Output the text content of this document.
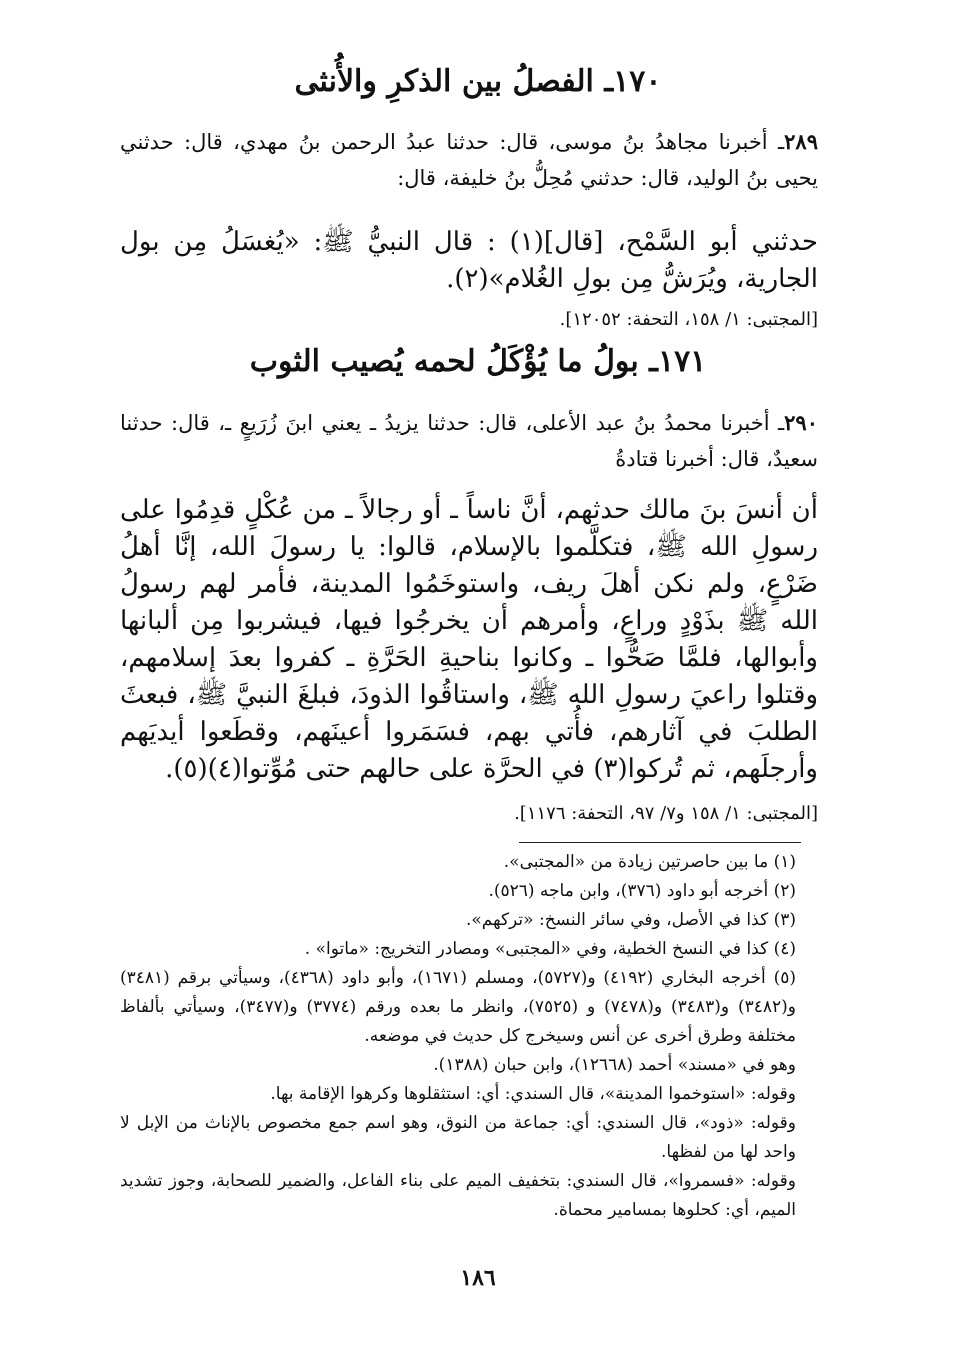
١٧٠ـ الفصلُ بين الذكرِ والأُنثى
٢٨٩ـ أخبرنا مجاهدُ بنُ موسى، قال: حدثنا عبدُ الرحمن بنُ مهدي، قال: حدثني يحيى بنُ الوليد، قال: حدثني مُحِلُّ بنُ خليفة، قال:
حدثني أبو السَّمْح، [قال](١) : قال النبيُّ ﷺ: «يُغسَلُ مِن بول الجارية، ويُرَشُّ مِن بولِ الغُلام»(٢).
[المجتبى: ١/ ١٥٨، التحفة: ١٢٠٥٢].
١٧١ـ بولُ ما يُؤْكَلُ لحمه يُصيب الثوب
٢٩٠ـ أخبرنا محمدُ بنُ عبد الأعلى، قال: حدثنا يزيدُ ـ يعني ابنَ زُرَيعٍ ـ، قال: حدثنا سعيدٌ، قال: أخبرنا قتادةُ
أن أنسَ بنَ مالك حدثهم، أنَّ ناساً ـ أو رجالاً ـ من عُكْلٍ قدِمُوا على رسولِ الله ﷺ، فتكلَّموا بالإسلام، قالوا: يا رسولَ الله، إنَّا أهلُ ضَرْعٍ، ولم نكن أهلَ ريف، واستوخَمُوا المدينة، فأمر لهم رسولُ الله ﷺ بذَوْدٍ وراعٍ، وأمرهم أن يخرجُوا فيها، فيشربوا مِن ألبانها وأبوالها، فلمَّا صَحُّوا ـ وكانوا بناحيةِ الحَرَّةِ ـ كفروا بعدَ إسلامهم، وقتلوا راعيَ رسولِ الله ﷺ، واستاقُوا الذودَ، فبلغَ النبيَّ ﷺ، فبعثَ الطلبَ في آثارهم، فأُتي بهم، فسَمَروا أعينَهم، وقطَعوا أيديَهم وأرجلَهم، ثم تُركوا(٣) في الحرَّة على حالهم حتى مُوِّتوا(٤)(٥).
[المجتبى: ١/ ١٥٨ و٧/ ٩٧، التحفة: ١١٧٦].

(١) ما بين حاصرتين زيادة من «المجتبى».

(٢) أخرجه أبو داود (٣٧٦)، وابن ماجه (٥٢٦).

(٣) كذا في الأصل، وفي سائر النسخ: «تركهم».

(٤) كذا في النسخ الخطية، وفي «المجتبى» ومصادر التخريج: «ماتوا» .

(٥) أخرجه البخاري (٤١٩٢) و(٥٧٢٧)، ومسلم (١٦٧١)، وأبو داود (٤٣٦٨)، وسيأتي برقم (٣٤٨١) و(٣٤٨٢) و(٣٤٨٣) و(٧٤٧٨) و (٧٥٢٥)، وانظر ما بعده ورقم (٣٧٧٤) و(٣٤٧٧)، وسيأتي بألفاظ مختلفة وطرق أخرى عن أنس وسيخرج كل حديث في موضعه.

وهو في «مسند» أحمد (١٢٦٦٨)، وابن حبان (١٣٨٨).

وقوله: «استوخموا المدينة»، قال السندي: أي: استثقلوها وكرهوا الإقامة بها.

وقوله: «ذود»، قال السندي: أي: جماعة من النوق، وهو اسم جمع مخصوص بالإناث من الإبل لا واحد لها من لفظها.

وقوله: «فسمروا»، قال السندي: بتخفيف الميم على بناء الفاعل، والضمير للصحابة، وجوز تشديد الميم، أي: كحلوها بمسامير محماة.

١٨٦
